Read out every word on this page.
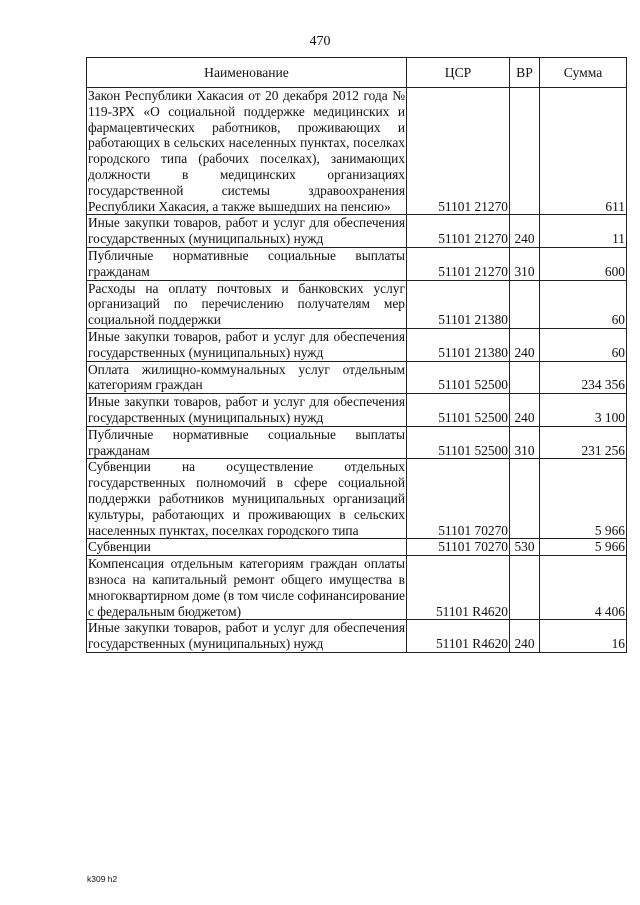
470
Наименование	ЦСР	ВР	Сумма
Закон Республики Хакасия от 20 декабря 2012 года № 119-ЗРХ «О социальной поддержке медицинских и фармацевтических работников, проживающих и работающих в сельских населенных пунктах, поселках городского типа (рабочих поселках), занимающих должности в медицинских организациях государственной системы здравоохранения Республики Хакасия, а также вышедших на пенсию»	51101 21270		611
Иные закупки товаров, работ и услуг для обеспечения государственных (муниципальных) нужд	51101 21270	240	11
Публичные нормативные социальные выплаты гражданам	51101 21270	310	600
Расходы на оплату почтовых и банковских услуг организаций по перечислению получателям мер социальной поддержки	51101 21380		60
Иные закупки товаров, работ и услуг для обеспечения государственных (муниципальных) нужд	51101 21380	240	60
Оплата жилищно-коммунальных услуг отдельным категориям граждан	51101 52500		234 356
Иные закупки товаров, работ и услуг для обеспечения государственных (муниципальных) нужд	51101 52500	240	3 100
Публичные нормативные социальные выплаты гражданам	51101 52500	310	231 256
Субвенции на осуществление отдельных государственных полномочий в сфере социальной поддержки работников муниципальных организаций культуры, работающих и проживающих в сельских населенных пунктах, поселках городского типа	51101 70270		5 966
Субвенции	51101 70270	530	5 966
Компенсация отдельным категориям граждан оплаты взноса на капитальный ремонт общего имущества в многоквартирном доме (в том числе софинансирование с федеральным бюджетом)	51101 R4620		4 406
Иные закупки товаров, работ и услуг для обеспечения государственных (муниципальных) нужд	51101 R4620	240	16
k309 h2
